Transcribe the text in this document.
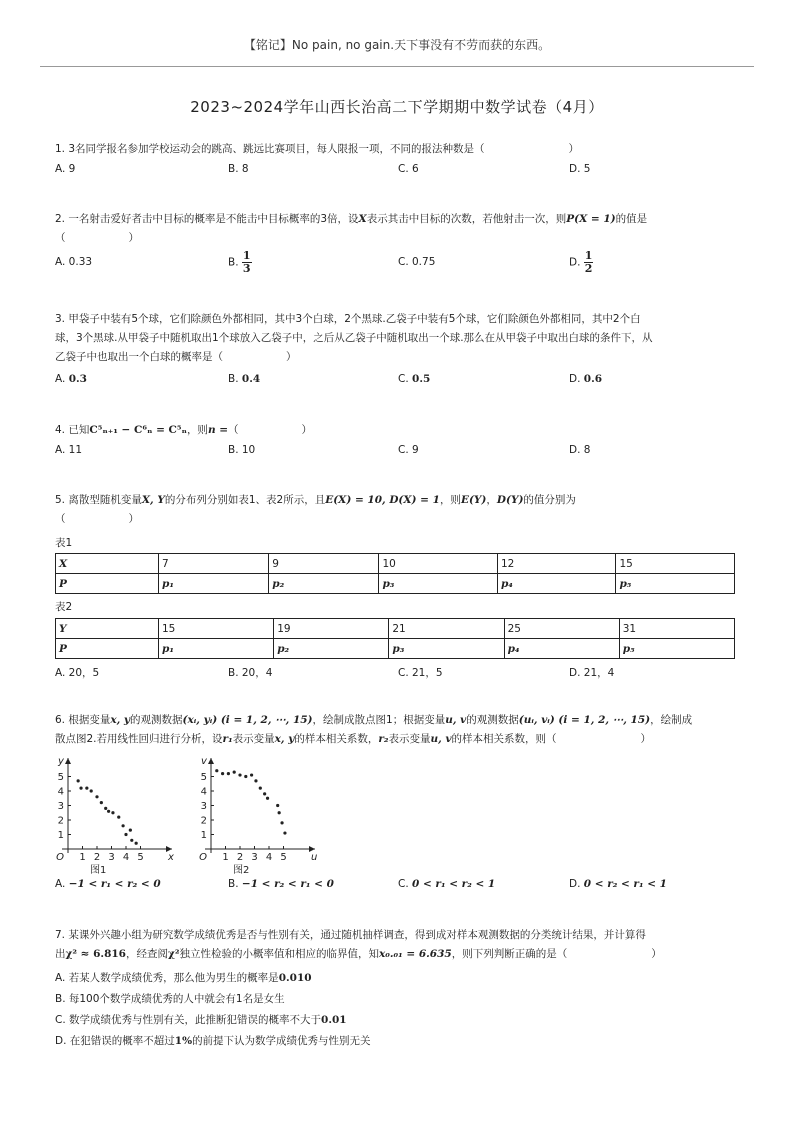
【铭记】No pain, no gain.天下事没有不劳而获的东西。
2023~2024学年山西长治高二下学期期中数学试卷（4月）
1. 3名同学报名参加学校运动会的跳高、跳远比赛项目，每人限报一项，不同的报法种数是（　　　　　　　　）
A. 9	B. 8	C. 6	D. 5
2. 一名射击爱好者击中目标的概率是不能击中目标概率的3倍，设X表示其击中目标的次数，若他射击一次，则P(X = 1)的值是
（　　　　　　）
A. 0.33	B. $\frac{1}{3}$	C. 0.75	D. $\frac{1}{2}$
3. 甲袋子中装有5个球，它们除颜色外都相同，其中3个白球，2个黑球.乙袋子中装有5个球，它们除颜色外都相同，其中2个白
球，3个黑球.从甲袋子中随机取出1个球放入乙袋子中，之后从乙袋子中随机取出一个球.那么在从甲袋子中取出白球的条件下，从
乙袋子中也取出一个白球的概率是（　　　　　　）
A. 0.3	B. 0.4	C. 0.5	D. 0.6
4. 已知C⁵ₙ₊₁ − C⁶ₙ = C⁵ₙ，则n =（　　　　　　）
A. 11	B. 10	C. 9	D. 8
5. 离散型随机变量X, Y的分布列分别如表1、表2所示，且E(X) = 10, D(X) = 1，则E(Y)，D(Y)的值分别为
（　　　　　　）
表1
X	7	9	10	12	15
P	p₁	p₂	p₃	p₄	p₅
表2
Y	15	19	21	25	31
P	p₁	p₂	p₃	p₄	p₅
A. 20，5	B. 20，4	C. 21，5	D. 21，4
6. 根据变量x, y的观测数据(xᵢ, yᵢ) (i = 1, 2, ⋯, 15)，绘制成散点图1；根据变量u, v的观测数据(uᵢ, vᵢ) (i = 1, 2, ⋯, 15)，绘制成
散点图2.若用线性回归进行分析，设r₁表示变量x, y的样本相关系数，r₂表示变量u, v的样本相关系数，则（　　　　　　　　）
1 2 3 4 5
1
2
3
4
5
O	x
y
图1
1 2 3 4 5
1
2
3
4
5
O	u
v
图2
A. −1 < r₁ < r₂ < 0	B. −1 < r₂ < r₁ < 0	C. 0 < r₁ < r₂ < 1	D. 0 < r₂ < r₁ < 1
7. 某课外兴趣小组为研究数学成绩优秀是否与性别有关，通过随机抽样调查，得到成对样本观测数据的分类统计结果，并计算得
出χ² ≈ 6.816，经查阅χ²独立性检验的小概率值和相应的临界值，知x₀.₀₁ = 6.635，则下列判断正确的是（　　　　　　　　）
A. 若某人数学成绩优秀，那么他为男生的概率是0.010
B. 每100个数学成绩优秀的人中就会有1名是女生
C. 数学成绩优秀与性别有关，此推断犯错误的概率不大于0.01
D. 在犯错误的概率不超过1%的前提下认为数学成绩优秀与性别无关
